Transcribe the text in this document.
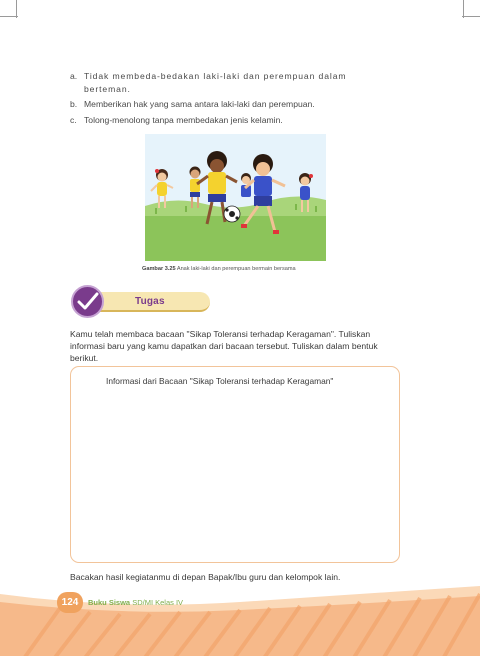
a. Tidak membeda-bedakan laki-laki dan perempuan dalam berteman.
b. Memberikan hak yang sama antara laki-laki dan perempuan.
c. Tolong-menolong tanpa membedakan jenis kelamin.
Gambar 3.25 Anak laki-laki dan perempuan bermain bersama
Tugas
Kamu telah membaca bacaan "Sikap Toleransi terhadap Keragaman". Tuliskan informasi baru yang kamu dapatkan dari bacaan tersebut. Tuliskan dalam bentuk berikut.
Informasi dari Bacaan "Sikap Toleransi terhadap Keragaman"
Bacakan hasil kegiatanmu di depan Bapak/Ibu guru dan kelompok lain.
124	Buku Siswa SD/MI Kelas IV
